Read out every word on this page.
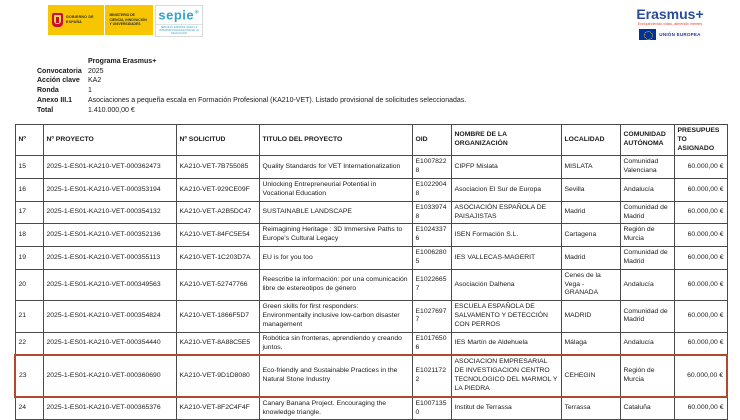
GOBIERNO DE ESPAÑA
MINISTERIO DE CIENCIA, INNOVACIÓN Y UNIVERSIDADES
sepie✳
SERVICIO ESPAÑOL PARA LA INTERNACIONALIZACIÓN DE LA EDUCACIÓN
Erasmus+
Enriqueciendo vidas, abriendo mentes
UNIÓN EUROPEA
Programa Erasmus+
Convocatoria 2025
Acción clave	KA2
Ronda	1
Anexo III.1	Asociaciones a pequeña escala en Formación Profesional (KA210-VET). Listado provisional de solicitudes seleccionadas.
Total	1.410.000,00 €
Nº	Nº PROYECTO	Nº SOLICITUD	TITULO DEL PROYECTO	OID	NOMBRE DE LA ORGANIZACIÓN	LOCALIDAD	COMUNIDAD AUTÓNOMA	PRESUPUESTO ASIGNADO
15	2025-1-ES01-KA210-VET-000362473	KA210-VET-7B755085	Quality Standards for VET Internationalization	E10078228	CIPFP Mislata	MISLATA	Comunidad Valenciana	60.000,00 €
16	2025-1-ES01-KA210-VET-000353194	KA210-VET-929CE09F	Unlocking Entrepreneurial Potential in Vocational Education	E10229048	Asociacion El Sur de Europa	Sevilla	Andalucía	60.000,00 €
17	2025-1-ES01-KA210-VET-000354132	KA210-VET-A2B5DC47	SUSTAINABLE LANDSCAPE	E10339748	ASOCIACIÓN ESPAÑOLA DE PAISAJISTAS	Madrid	Comunidad de Madrid	60.000,00 €
18	2025-1-ES01-KA210-VET-000352136	KA210-VET-84FC5E54	Reimagining Heritage : 3D Immersive Paths to Europe's Cultural Legacy	E10243376	ISEN Formación S.L.	Cartagena	Región de Murcia	60.000,00 €
19	2025-1-ES01-KA210-VET-000355113	KA210-VET-1C203D7A	EU is for you too	E10062805	IES VALLECAS-MAGERIT	Madrid	Comunidad de Madrid	60.000,00 €
20	2025-1-ES01-KA210-VET-000349563	KA210-VET-52747766	Reescribe la información: por una comunicación libre de estereotipos de género	E10226657	Asociación Dalhena	Cenes de la Vega - GRANADA	Andalucía	60.000,00 €
21	2025-1-ES01-KA210-VET-000354824	KA210-VET-1866F5D7	Green skills for first responders: Environmentally inclusive low-carbon disaster management	E10276977	ESCUELA ESPAÑOLA DE SALVAMENTO Y DETECCIÓN CON PERROS	MADRID	Comunidad de Madrid	60.000,00 €
22	2025-1-ES01-KA210-VET-000354440	KA210-VET-8A88C5E5	Robótica sin fronteras, aprendiendo y creando juntos.	E10176506	IES Martín de Aldehuela	Málaga	Andalucía	60.000,00 €
23	2025-1-ES01-KA210-VET-000360690	KA210-VET-9D1D8080	Eco-friendly and Sustainable Practices in the Natural Stone Industry	E10211722	ASOCIACION EMPRESARIAL DE INVESTIGACION CENTRO TECNOLOGICO DEL MARMOL Y LA PIEDRA	CEHEGIN	Región de Murcia	60.000,00 €
24	2025-1-ES01-KA210-VET-000365376	KA210-VET-8F2C4F4F	Canary Banana Project. Encouraging the knowledge triangle.	E10071350	Institut de Terrassa	Terrassa	Cataluña	60.000,00 €
